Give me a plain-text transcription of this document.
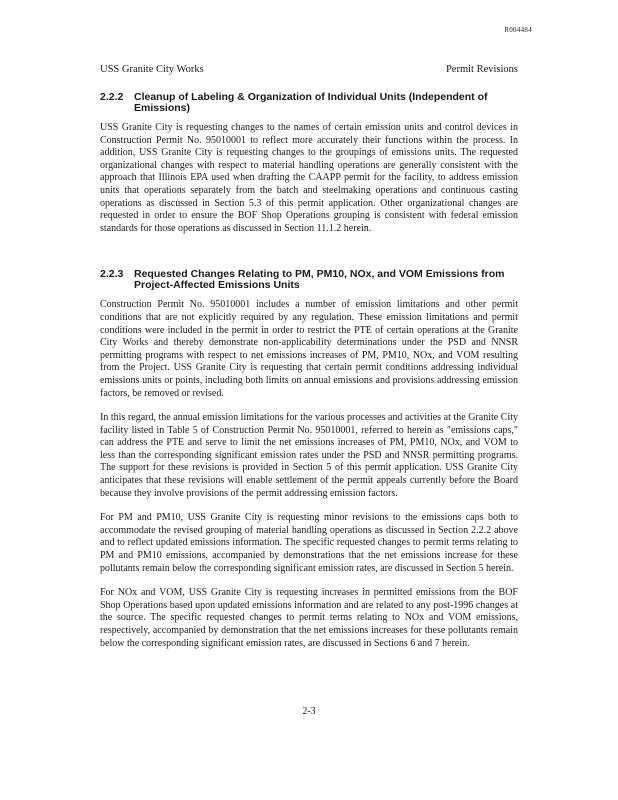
R004484
USS Granite City Works	Permit Revisions
2.2.2	Cleanup of Labeling & Organization of Individual Units (Independent of Emissions)

USS Granite City is requesting changes to the names of certain emission units and control devices in Construction Permit No. 95010001 to reflect more accurately their functions within the process. In addition, USS Granite City is requesting changes to the groupings of emissions units. The requested organizational changes with respect to material handling operations are generally consistent with the approach that Illinois EPA used when drafting the CAAPP permit for the facility, to address emission units that operations separately from the batch and steelmaking operations and continuous casting operations as discussed in Section 5.3 of this permit application. Other organizational changes are requested in order to ensure the BOF Shop Operations grouping is consistent with federal emission standards for those operations as discussed in Section 11.1.2 herein.

2.2.3	Requested Changes Relating to PM, PM10, NOx, and VOM Emissions from Project-Affected Emissions Units

Construction Permit No. 95010001 includes a number of emission limitations and other permit conditions that are not explicitly required by any regulation. These emission limitations and permit conditions were included in the permit in order to restrict the PTE of certain operations at the Granite City Works and thereby demonstrate non-applicability determinations under the PSD and NNSR permitting programs with respect to net emissions increases of PM, PM10, NOx, and VOM resulting from the Project. USS Granite City is requesting that certain permit conditions addressing individual emissions units or points, including both limits on annual emissions and provisions addressing emission factors, be removed or revised.

In this regard, the annual emission limitations for the various processes and activities at the Granite City facility listed in Table 5 of Construction Permit No. 95010001, referred to herein as "emissions caps," can address the PTE and serve to limit the net emissions increases of PM, PM10, NOx, and VOM to less than the corresponding significant emission rates under the PSD and NNSR permitting programs. The support for these revisions is provided in Section 5 of this permit application. USS Granite City anticipates that these revisions will enable settlement of the permit appeals currently before the Board because they involve provisions of the permit addressing emission factors.

For PM and PM10, USS Granite City is requesting minor revisions to the emissions caps both to accommodate the revised grouping of material handling operations as discussed in Section 2.2.2 above and to reflect updated emissions information. The specific requested changes to permit terms relating to PM and PM10 emissions, accompanied by demonstrations that the net emissions increase for these pollutants remain below the corresponding significant emission rates, are discussed in Section 5 herein.

For NOx and VOM, USS Granite City is requesting increases in permitted emissions from the BOF Shop Operations based upon updated emissions information and are related to any post-1996 changes at the source. The specific requested changes to permit terms relating to NOx and VOM emissions, respectively, accompanied by demonstration that the net emissions increases for these pollutants remain below the corresponding significant emission rates, are discussed in Sections 6 and 7 herein.

2-3
